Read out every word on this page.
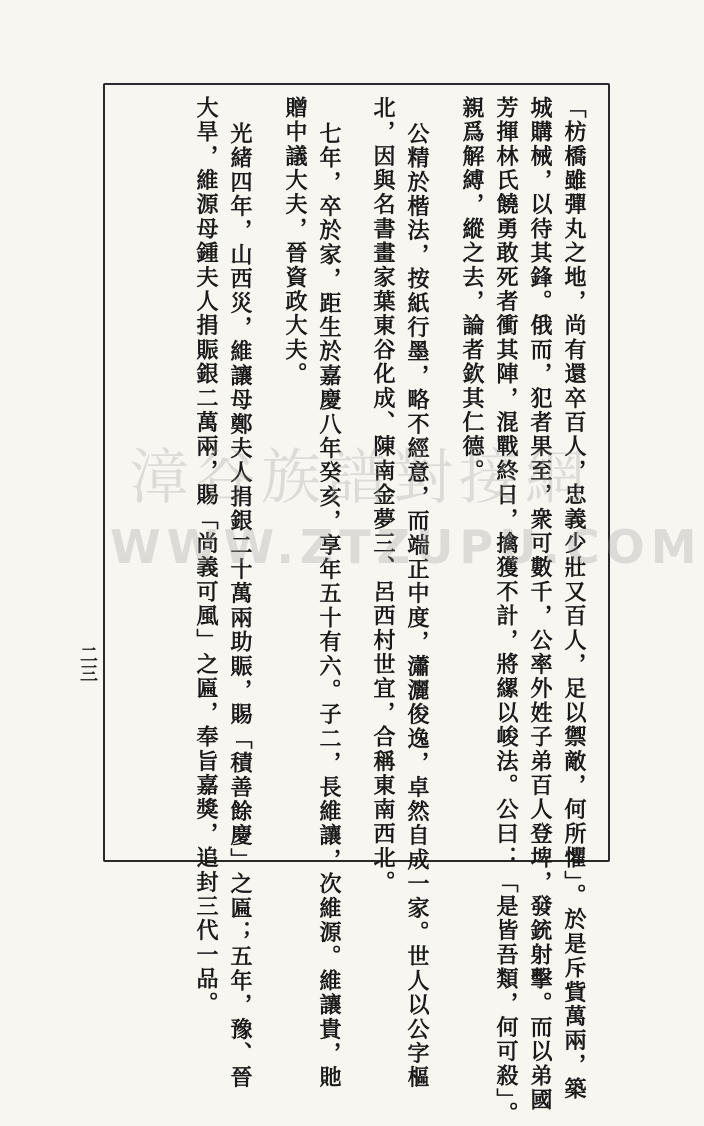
「枋橋雖彈丸之地，尚有還卒百人，忠義少壯又百人，足以禦敵，何所懼」。於是斥貲萬兩，築
城購械，以待其鋒。俄而，犯者果至，衆可數千，公率外姓子弟百人登埤，發銃射擊。而以弟國
芳揮林氏饒勇敢死者衝其陣，混戰終日，擒獲不計，將縲以峻法。公曰：「是皆吾類，何可殺」。
親爲解縛，縱之去，論者欽其仁德。
公精於楷法，按紙行墨，略不經意，而端正中度，瀟灑俊逸，卓然自成一家。世人以公字樞
北，因與名書畫家葉東谷化成、陳南金夢三、呂西村世宜，合稱東南西北。
七年，卒於家，距生於嘉慶八年癸亥，享年五十有六。子二，長維讓，次維源。維讓貴，貤
贈中議大夫，晉資政大夫。
光緒四年，山西災，維讓母鄭夫人捐銀二十萬兩助賑，賜「積善餘慶」之匾；五年，豫、晉
大旱，維源母鍾夫人捐賑銀二萬兩，賜「尚義可風」之匾，奉旨嘉獎，追封三代一品。
二三
漳谷族譜對接網
WWW.ZTZUPU.COM
